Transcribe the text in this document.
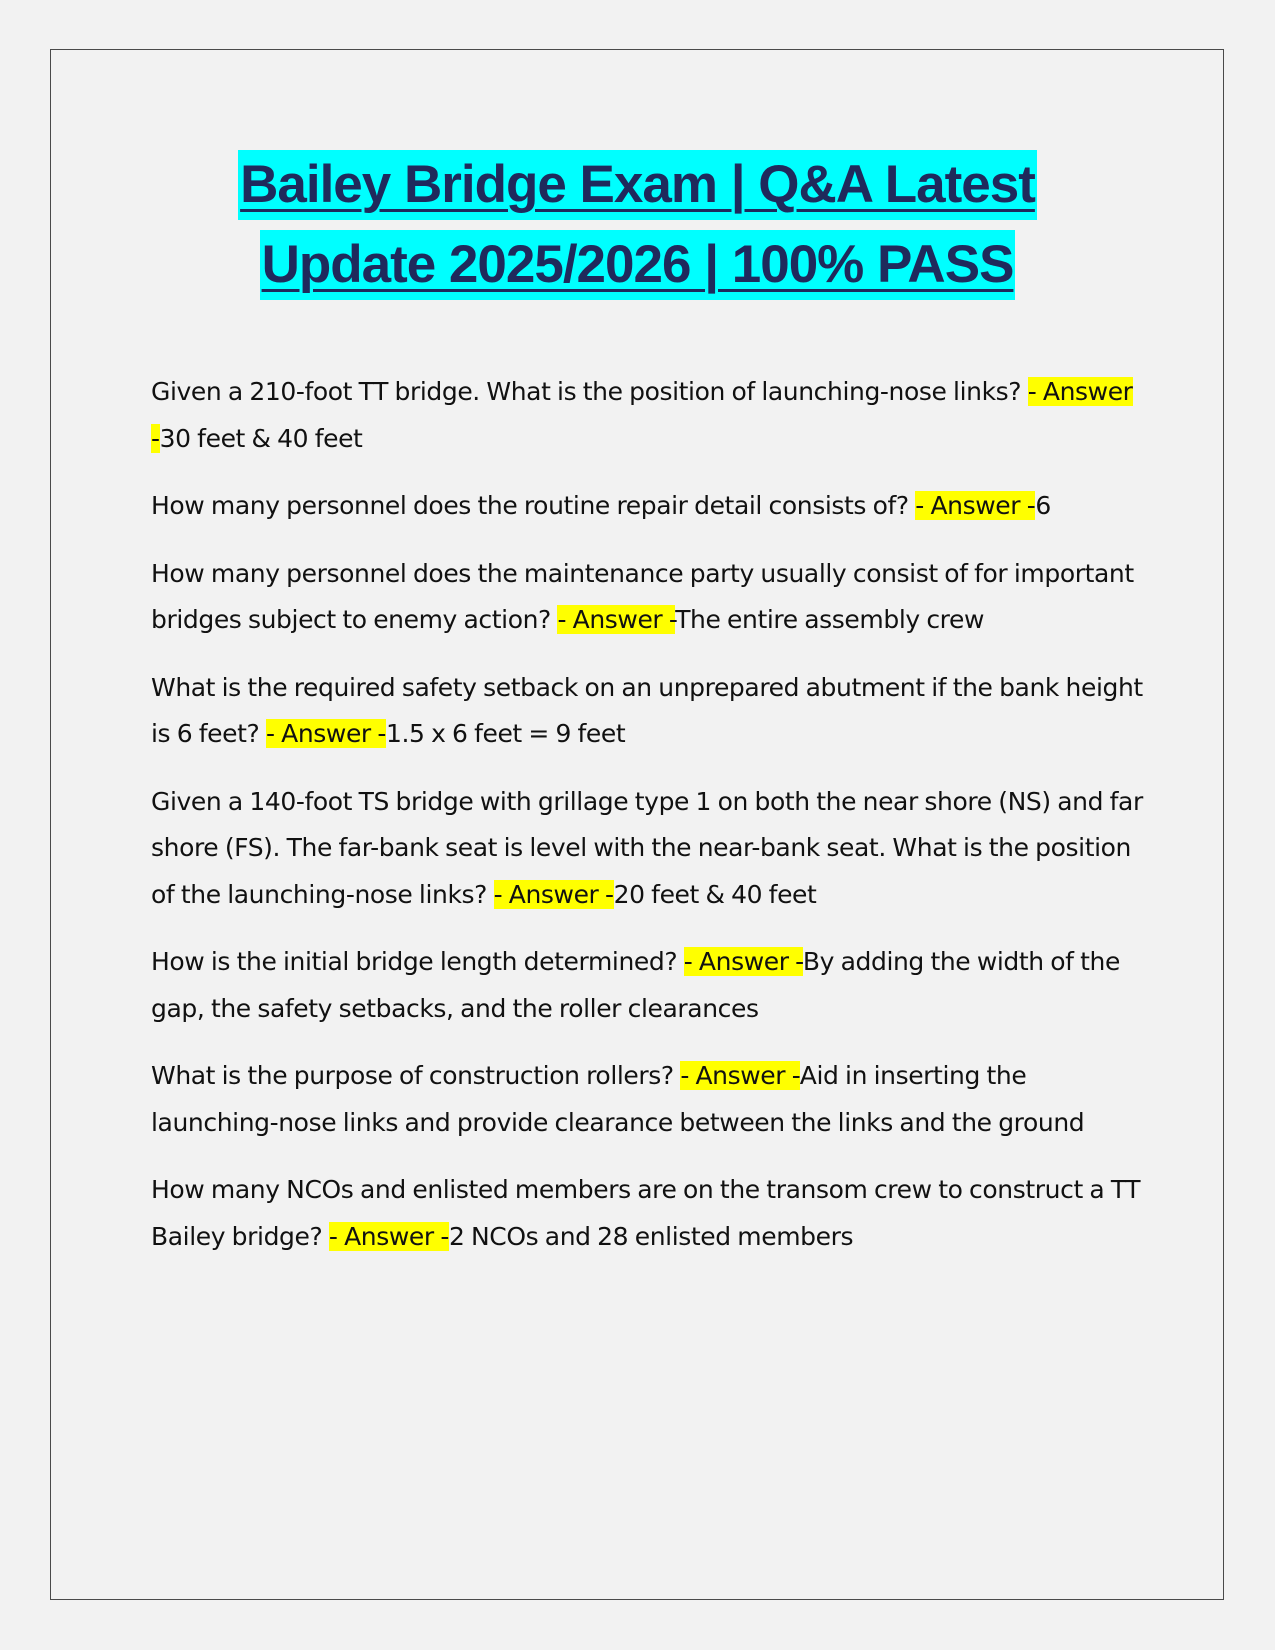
Bailey Bridge Exam | Q&A Latest
Update 2025/2026 | 100% PASS

Given a 210-foot TT bridge. What is the position of launching-nose links? - Answer -30 feet & 40 feet

How many personnel does the routine repair detail consists of? - Answer -6

How many personnel does the maintenance party usually consist of for important bridges subject to enemy action? - Answer -The entire assembly crew

What is the required safety setback on an unprepared abutment if the bank height is 6 feet? - Answer -1.5 x 6 feet = 9 feet

Given a 140-foot TS bridge with grillage type 1 on both the near shore (NS) and far shore (FS). The far-bank seat is level with the near-bank seat. What is the position of the launching-nose links? - Answer -20 feet & 40 feet

How is the initial bridge length determined? - Answer -By adding the width of the gap, the safety setbacks, and the roller clearances

What is the purpose of construction rollers? - Answer -Aid in inserting the launching-nose links and provide clearance between the links and the ground

How many NCOs and enlisted members are on the transom crew to construct a TT Bailey bridge? - Answer -2 NCOs and 28 enlisted members
